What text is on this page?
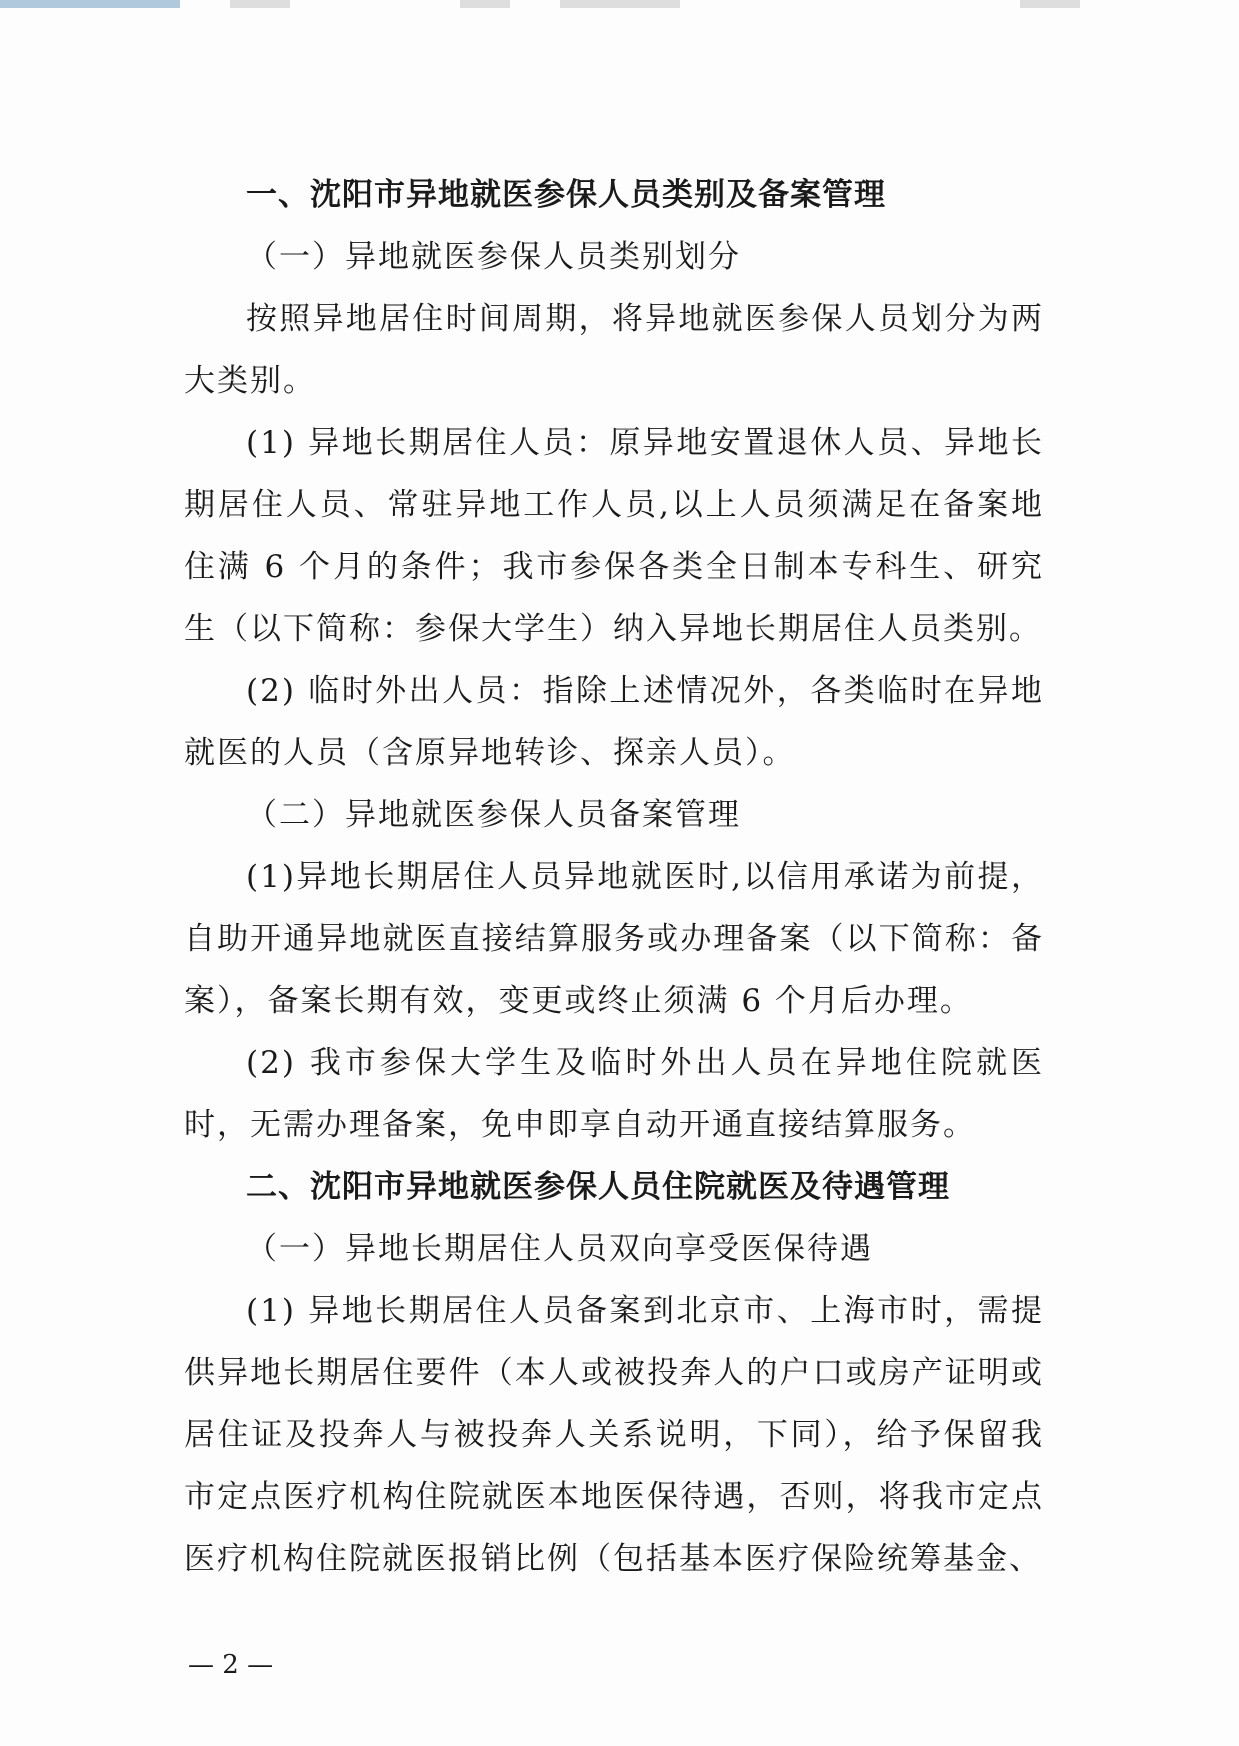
一、沈阳市异地就医参保人员类别及备案管理

（一）异地就医参保人员类别划分

按照异地居住时间周期，将异地就医参保人员划分为两大类别。

(1) 异地长期居住人员：原异地安置退休人员、异地长期居住人员、常驻异地工作人员,以上人员须满足在备案地住满 6 个月的条件；我市参保各类全日制本专科生、研究生（以下简称：参保大学生）纳入异地长期居住人员类别。

(2) 临时外出人员：指除上述情况外，各类临时在异地就医的人员（含原异地转诊、探亲人员）。

（二）异地就医参保人员备案管理

(1)异地长期居住人员异地就医时,以信用承诺为前提，自助开通异地就医直接结算服务或办理备案（以下简称：备案），备案长期有效，变更或终止须满 6 个月后办理。

(2) 我市参保大学生及临时外出人员在异地住院就医时，无需办理备案，免申即享自动开通直接结算服务。

二、沈阳市异地就医参保人员住院就医及待遇管理

（一）异地长期居住人员双向享受医保待遇

(1) 异地长期居住人员备案到北京市、上海市时，需提供异地长期居住要件（本人或被投奔人的户口或房产证明或居住证及投奔人与被投奔人关系说明，下同），给予保留我市定点医疗机构住院就医本地医保待遇，否则，将我市定点医疗机构住院就医报销比例（包括基本医疗保险统筹基金、

— 2 —
